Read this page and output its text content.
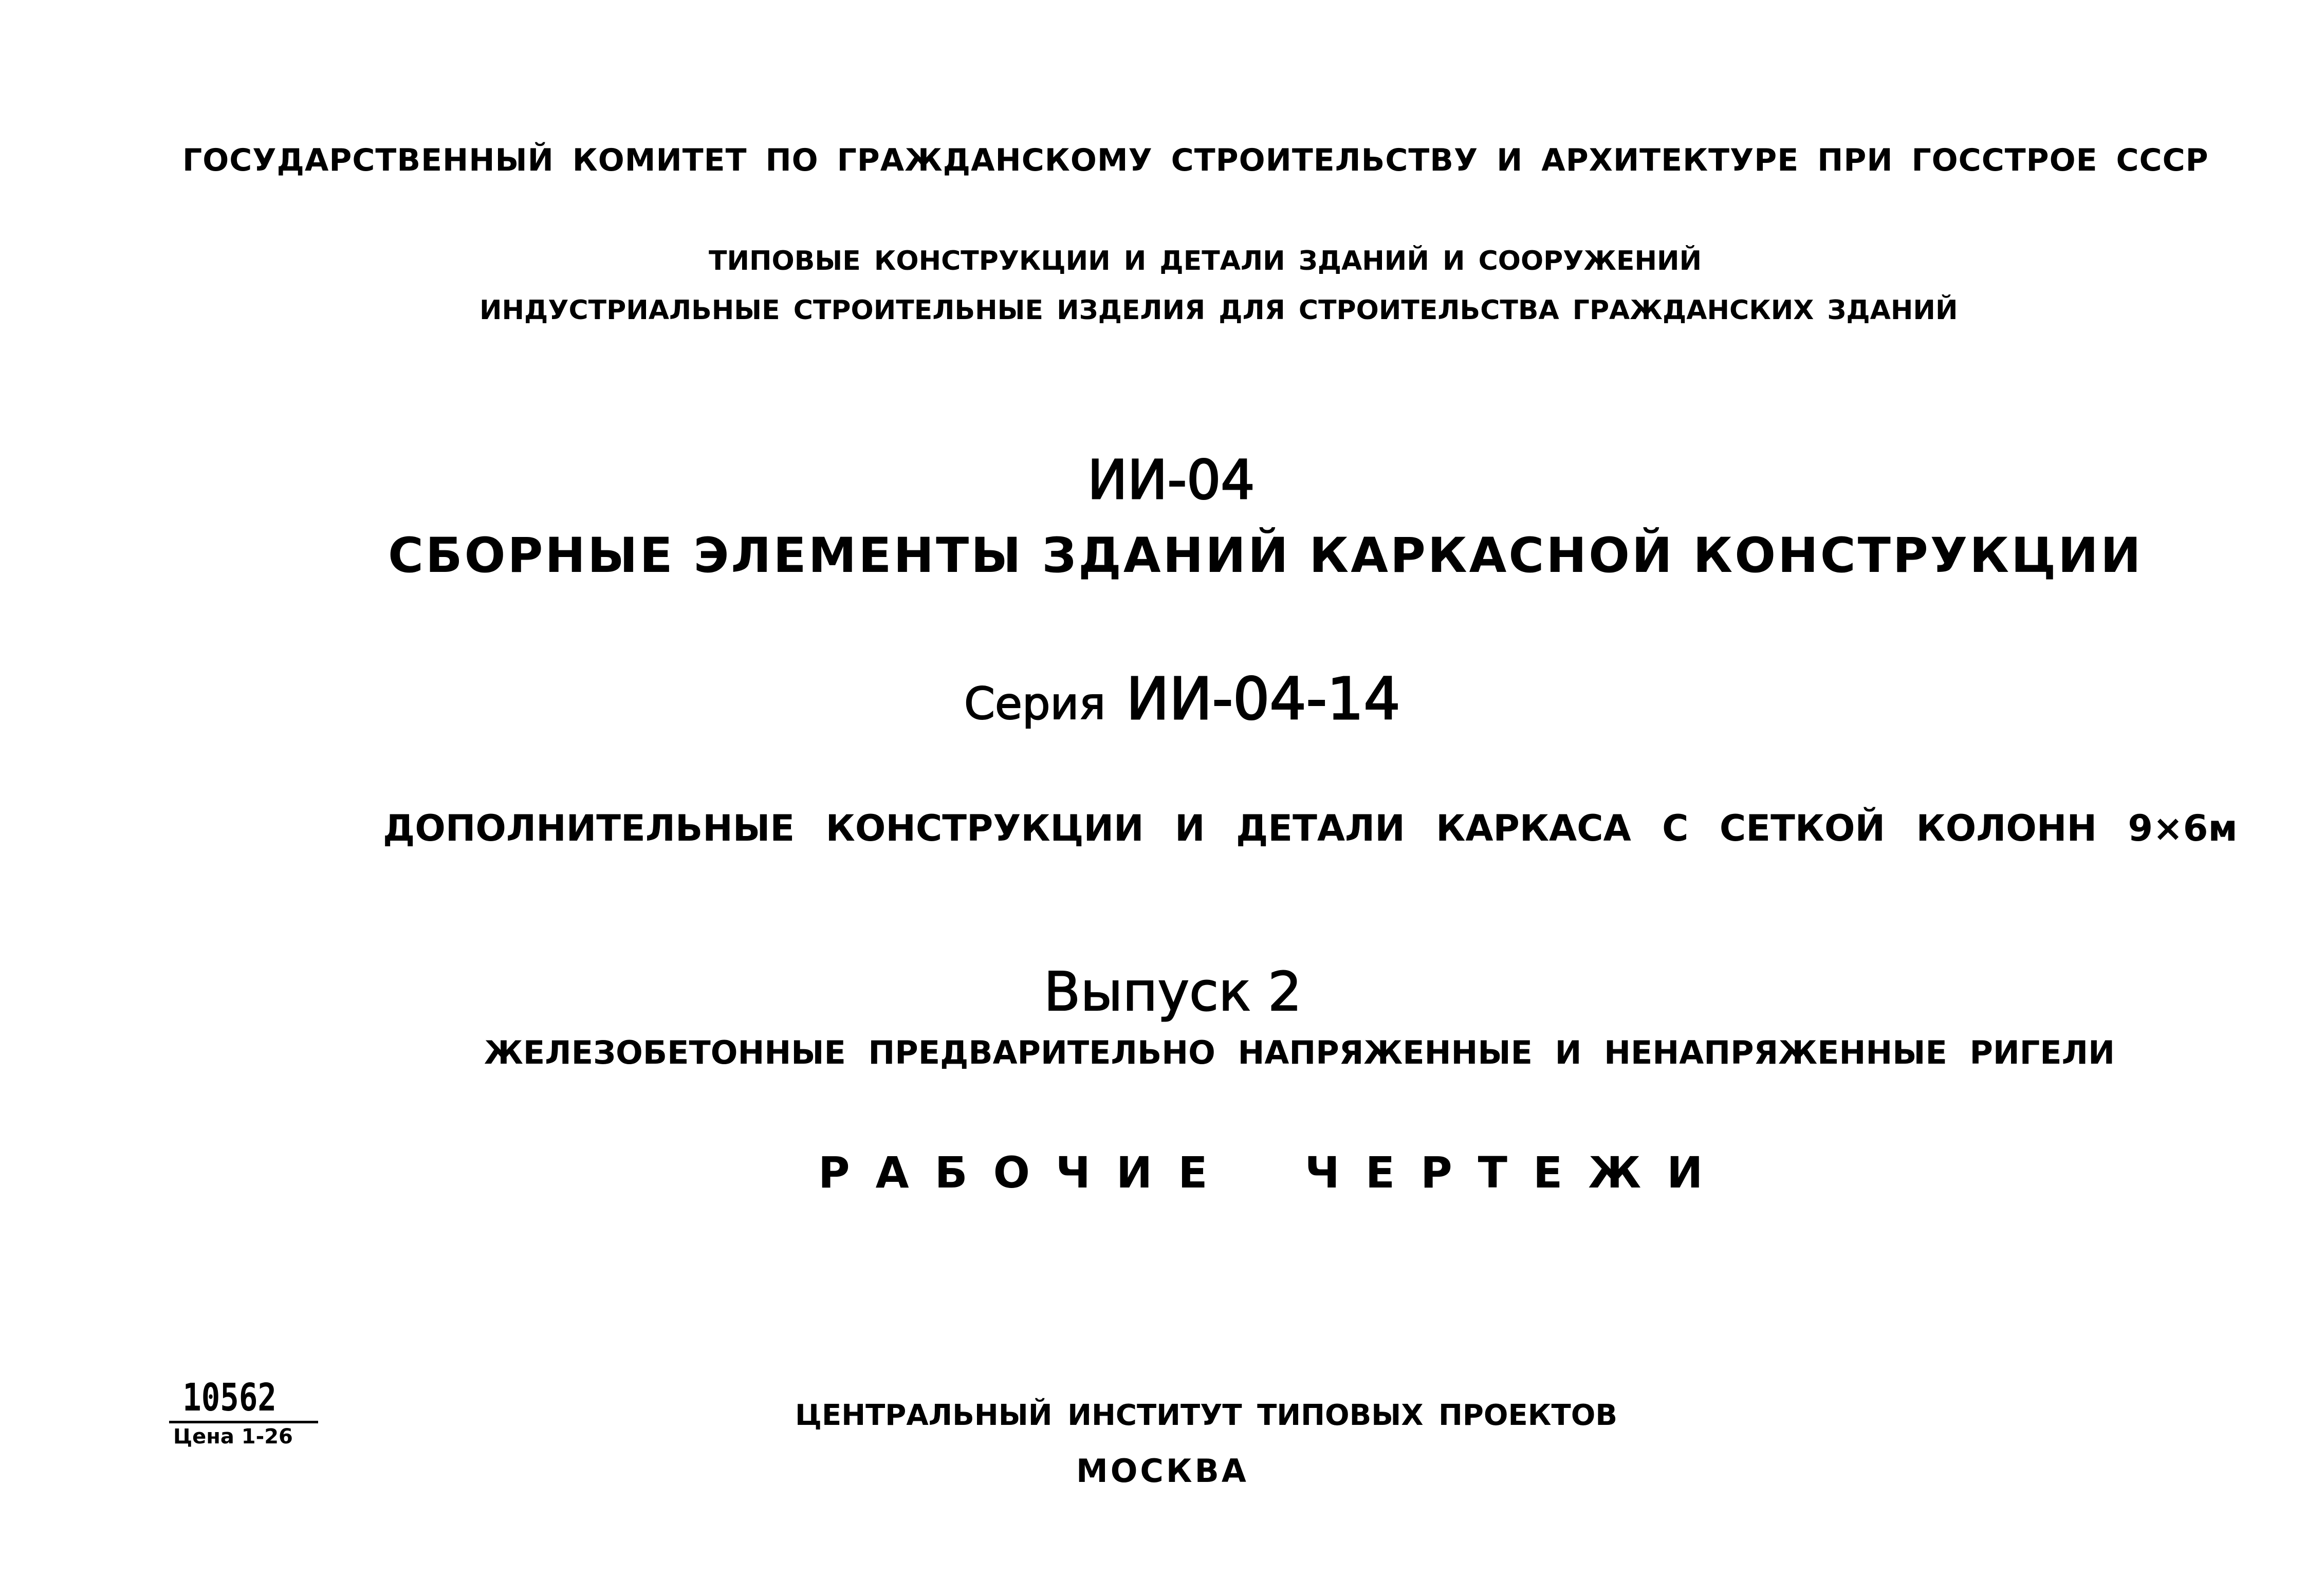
ГОСУДАРСТВЕННЫЙ КОМИТЕТ ПО ГРАЖДАНСКОМУ СТРОИТЕЛЬСТВУ И АРХИТЕКТУРЕ ПРИ ГОССТРОЕ СССР
ТИПОВЫЕ КОНСТРУКЦИИ И ДЕТАЛИ ЗДАНИЙ И СООРУЖЕНИЙ
ИНДУСТРИАЛЬНЫЕ СТРОИТЕЛЬНЫЕ ИЗДЕЛИЯ ДЛЯ СТРОИТЕЛЬСТВА ГРАЖДАНСКИХ ЗДАНИЙ
ИИ-04
СБОРНЫЕ ЭЛЕМЕНТЫ ЗДАНИЙ КАРКАСНОЙ КОНСТРУКЦИИ
Серия ИИ-04-14
ДОПОЛНИТЕЛЬНЫЕ КОНСТРУКЦИИ И ДЕТАЛИ КАРКАСА С СЕТКОЙ КОЛОНН 9×6м
Выпуск 2
ЖЕЛЕЗОБЕТОННЫЕ ПРЕДВАРИТЕЛЬНО НАПРЯЖЕННЫЕ И НЕНАПРЯЖЕННЫЕ РИГЕЛИ
РАБОЧИЕ ЧЕРТЕЖИ
10562
Цена 1-26
ЦЕНТРАЛЬНЫЙ ИНСТИТУТ ТИПОВЫХ ПРОЕКТОВ
МОСКВА
